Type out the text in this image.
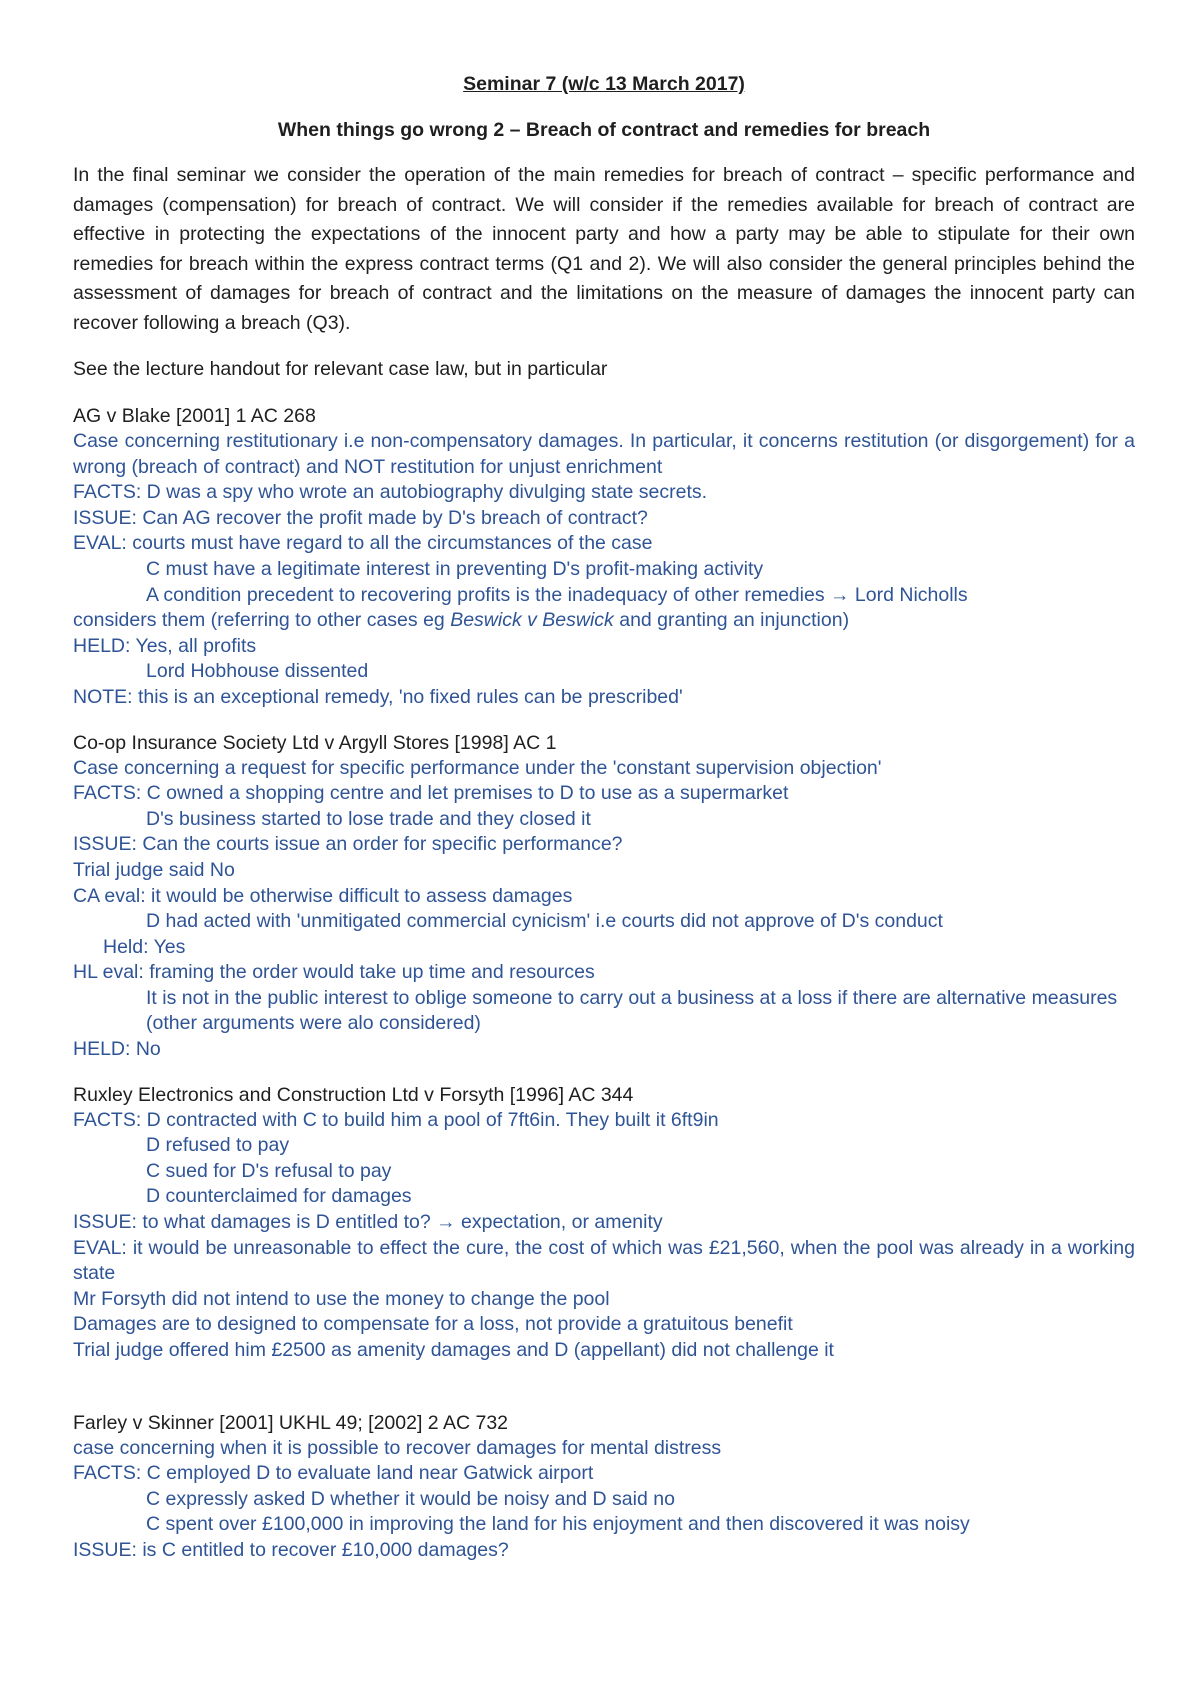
Seminar 7 (w/c 13 March 2017)

When things go wrong 2 – Breach of contract and remedies for breach

In the final seminar we consider the operation of the main remedies for breach of contract – specific performance and damages (compensation) for breach of contract. We will consider if the remedies available for breach of contract are effective in protecting the expectations of the innocent party and how a party may be able to stipulate for their own remedies for breach within the express contract terms (Q1 and 2). We will also consider the general principles behind the assessment of damages for breach of contract and the limitations on the measure of damages the innocent party can recover following a breach (Q3).

See the lecture handout for relevant case law, but in particular

AG v Blake [2001] 1 AC 268

Case concerning restitutionary i.e non-compensatory damages. In particular, it concerns restitution (or disgorgement) for a wrong (breach of contract) and NOT restitution for unjust enrichment

FACTS: D was a spy who wrote an autobiography divulging state secrets.

ISSUE: Can AG recover the profit made by D's breach of contract?

EVAL: courts must have regard to all the circumstances of the case

C must have a legitimate interest in preventing D's profit-making activity

A condition precedent to recovering profits is the inadequacy of other remedies → Lord Nicholls

considers them (referring to other cases eg Beswick v Beswick and granting an injunction)

HELD: Yes, all profits

Lord Hobhouse dissented

NOTE: this is an exceptional remedy, 'no fixed rules can be prescribed'

Co-op Insurance Society Ltd v Argyll Stores [1998] AC 1

Case concerning a request for specific performance under the 'constant supervision objection'

FACTS: C owned a shopping centre and let premises to D to use as a supermarket

D's business started to lose trade and they closed it

ISSUE: Can the courts issue an order for specific performance?

Trial judge said No

CA eval: it would be otherwise difficult to assess damages

D had acted with 'unmitigated commercial cynicism' i.e courts did not approve of D's conduct

Held: Yes

HL eval: framing the order would take up time and resources

It is not in the public interest to oblige someone to carry out a business at a loss if there are alternative measures

(other arguments were alo considered)

HELD: No

Ruxley Electronics and Construction Ltd v Forsyth [1996] AC 344

FACTS: D contracted with C to build him a pool of 7ft6in. They built it 6ft9in

D refused to pay

C sued for D's refusal to pay

D counterclaimed for damages

ISSUE: to what damages is D entitled to? → expectation, or amenity

EVAL: it would be unreasonable to effect the cure, the cost of which was £21,560, when the pool was already in a working state

Mr Forsyth did not intend to use the money to change the pool

Damages are to designed to compensate for a loss, not provide a gratuitous benefit

Trial judge offered him £2500 as amenity damages and D (appellant) did not challenge it

Farley v Skinner [2001] UKHL 49; [2002] 2 AC 732

case concerning when it is possible to recover damages for mental distress

FACTS: C employed D to evaluate land near Gatwick airport

C expressly asked D whether it would be noisy and D said no

C spent over £100,000 in improving the land for his enjoyment and then discovered it was noisy

ISSUE: is C entitled to recover £10,000 damages?
